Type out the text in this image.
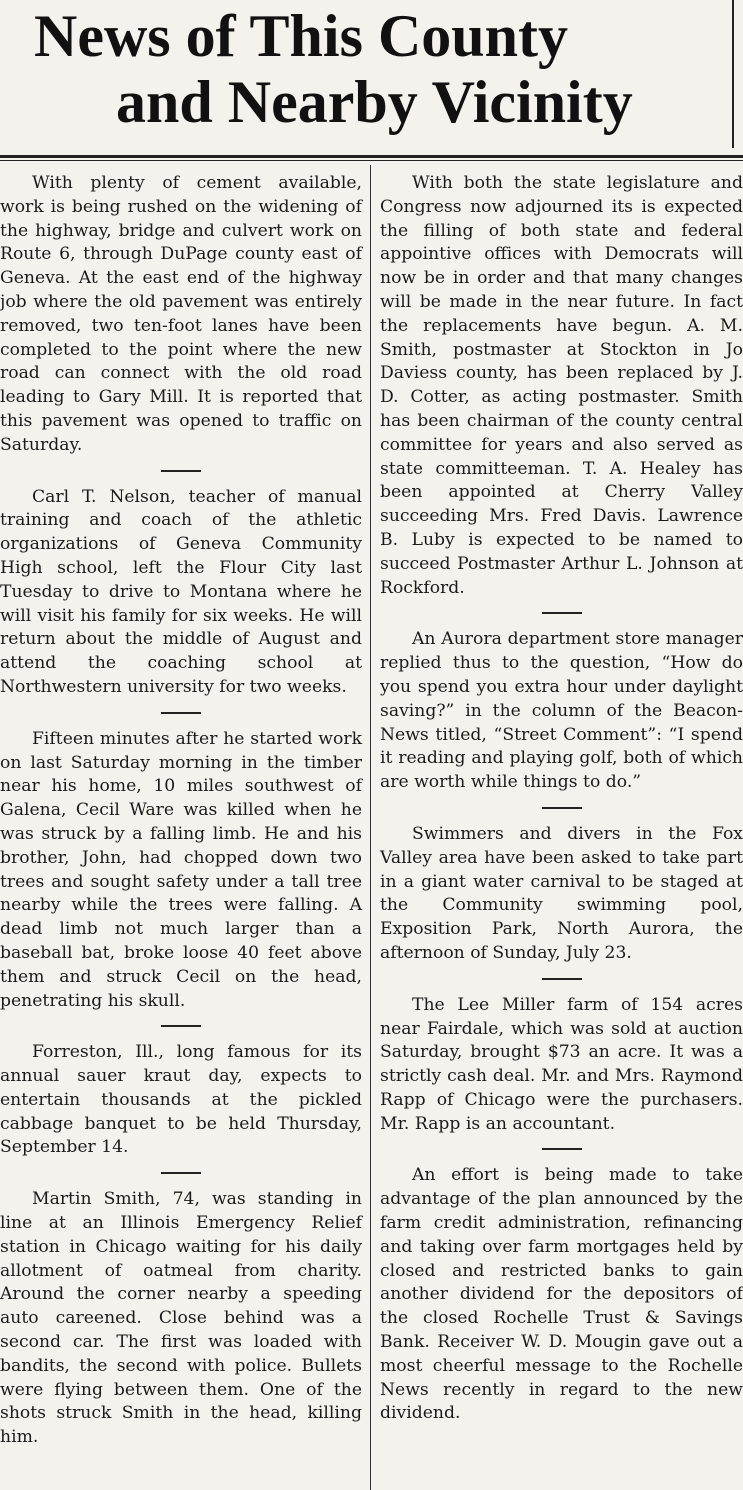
News of This County
and Nearby Vicinity

With plenty of cement available, work is being rushed on the widening of the highway, bridge and culvert work on Route 6, through DuPage county east of Geneva. At the east end of the highway job where the old pavement was entirely removed, two ten-foot lanes have been completed to the point where the new road can connect with the old road leading to Gary Mill. It is reported that this pavement was opened to traffic on Saturday.

Carl T. Nelson, teacher of manual training and coach of the athletic organizations of Geneva Community High school, left the Flour City last Tuesday to drive to Montana where he will visit his family for six weeks. He will return about the middle of August and attend the coaching school at Northwestern university for two weeks.

Fifteen minutes after he started work on last Saturday morning in the timber near his home, 10 miles southwest of Galena, Cecil Ware was killed when he was struck by a falling limb. He and his brother, John, had chopped down two trees and sought safety under a tall tree nearby while the trees were falling. A dead limb not much larger than a baseball bat, broke loose 40 feet above them and struck Cecil on the head, penetrating his skull.

Forreston, Ill., long famous for its annual sauer kraut day, expects to entertain thousands at the pickled cabbage banquet to be held Thursday, September 14.

Martin Smith, 74, was standing in line at an Illinois Emergency Relief station in Chicago waiting for his daily allotment of oatmeal from charity. Around the corner nearby a speeding auto careened. Close behind was a second car. The first was loaded with bandits, the second with police. Bullets were flying between them. One of the shots struck Smith in the head, killing him.

With both the state legislature and Congress now adjourned its is expected the filling of both state and federal appointive offices with Democrats will now be in order and that many changes will be made in the near future. In fact the replacements have begun. A. M. Smith, postmaster at Stockton in Jo Daviess county, has been replaced by J. D. Cotter, as acting postmaster. Smith has been chairman of the county central committee for years and also served as state committeeman. T. A. Healey has been appointed at Cherry Valley succeeding Mrs. Fred Davis. Lawrence B. Luby is expected to be named to succeed Postmaster Arthur L. Johnson at Rockford.

An Aurora department store manager replied thus to the question, “How do you spend you extra hour under daylight saving?” in the column of the Beacon-News titled, “Street Comment”: “I spend it reading and playing golf, both of which are worth while things to do.”

Swimmers and divers in the Fox Valley area have been asked to take part in a giant water carnival to be staged at the Community swimming pool, Exposition Park, North Aurora, the afternoon of Sunday, July 23.

The Lee Miller farm of 154 acres near Fairdale, which was sold at auction Saturday, brought $73 an acre. It was a strictly cash deal. Mr. and Mrs. Raymond Rapp of Chicago were the purchasers. Mr. Rapp is an accountant.

An effort is being made to take advantage of the plan announced by the farm credit administration, refinancing and taking over farm mortgages held by closed and restricted banks to gain another dividend for the depositors of the closed Rochelle Trust & Savings Bank. Receiver W. D. Mougin gave out a most cheerful message to the Rochelle News recently in regard to the new dividend.
